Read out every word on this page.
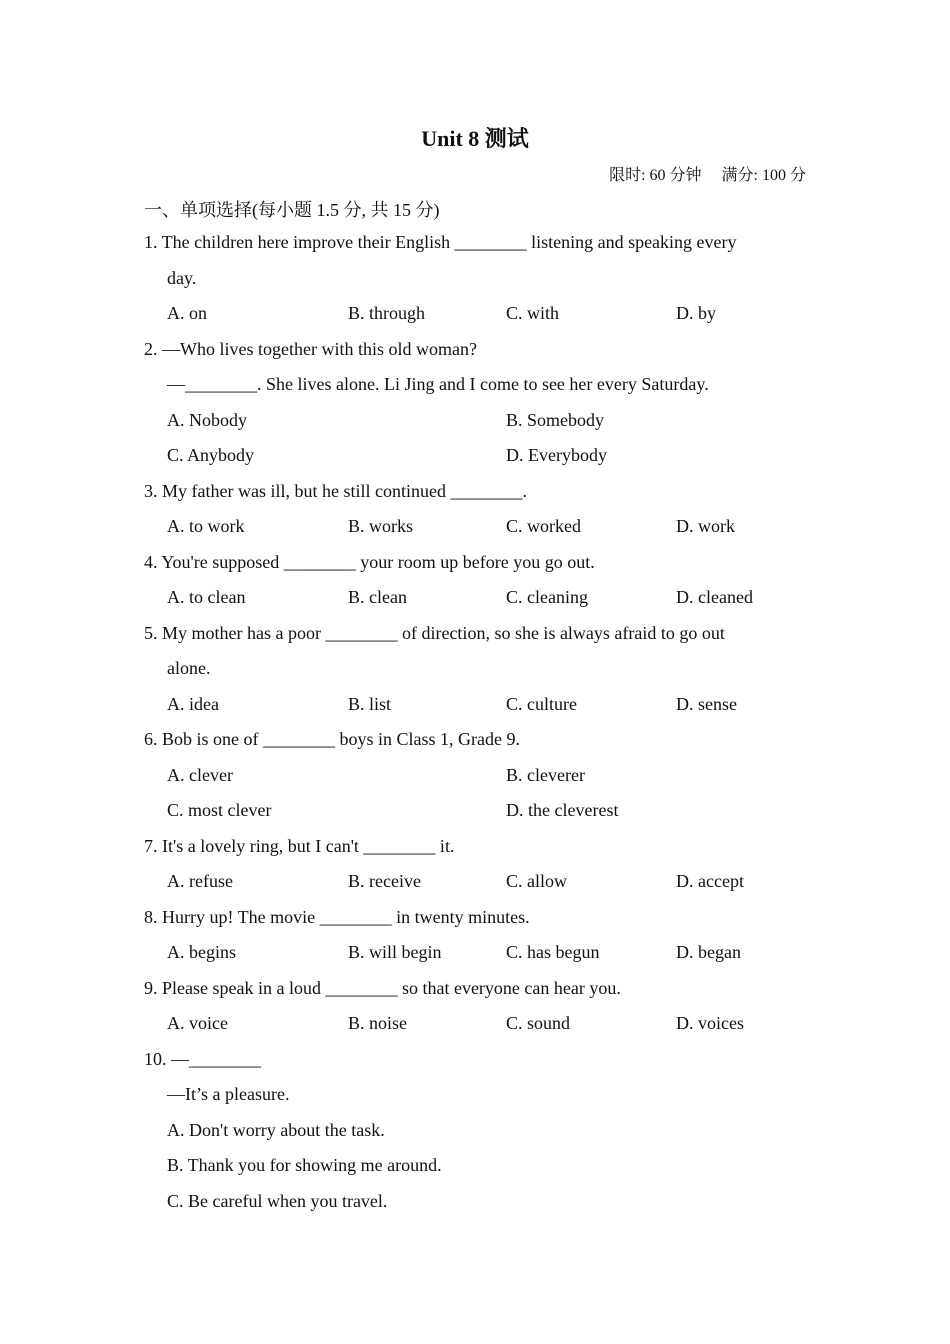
Unit 8 测试
限时: 60 分钟 满分: 100 分
一、单项选择(每小题 1.5 分, 共 15 分)
1. The children here improve their English ________ listening and speaking every
day.
A. on	B. through	C. with	D. by
2. —Who lives together with this old woman?
—________. She lives alone. Li Jing and I come to see her every Saturday.
A. Nobody	B. Somebody
C. Anybody	D. Everybody
3. My father was ill, but he still continued ________.
A. to work	B. works	C. worked	D. work
4. You're supposed ________ your room up before you go out.
A. to clean	B. clean	C. cleaning	D. cleaned
5. My mother has a poor ________ of direction, so she is always afraid to go out
alone.
A. idea	B. list	C. culture	D. sense
6. Bob is one of ________ boys in Class 1, Grade 9.
A. clever	B. cleverer
C. most clever	D. the cleverest
7. It's a lovely ring, but I can't ________ it.
A. refuse	B. receive	C. allow	D. accept
8. Hurry up! The movie ________ in twenty minutes.
A. begins	B. will begin	C. has begun	D. began
9. Please speak in a loud ________ so that everyone can hear you.
A. voice	B. noise	C. sound	D. voices
10. —________
—It’s a pleasure.
A. Don't worry about the task.
B. Thank you for showing me around.
C. Be careful when you travel.
